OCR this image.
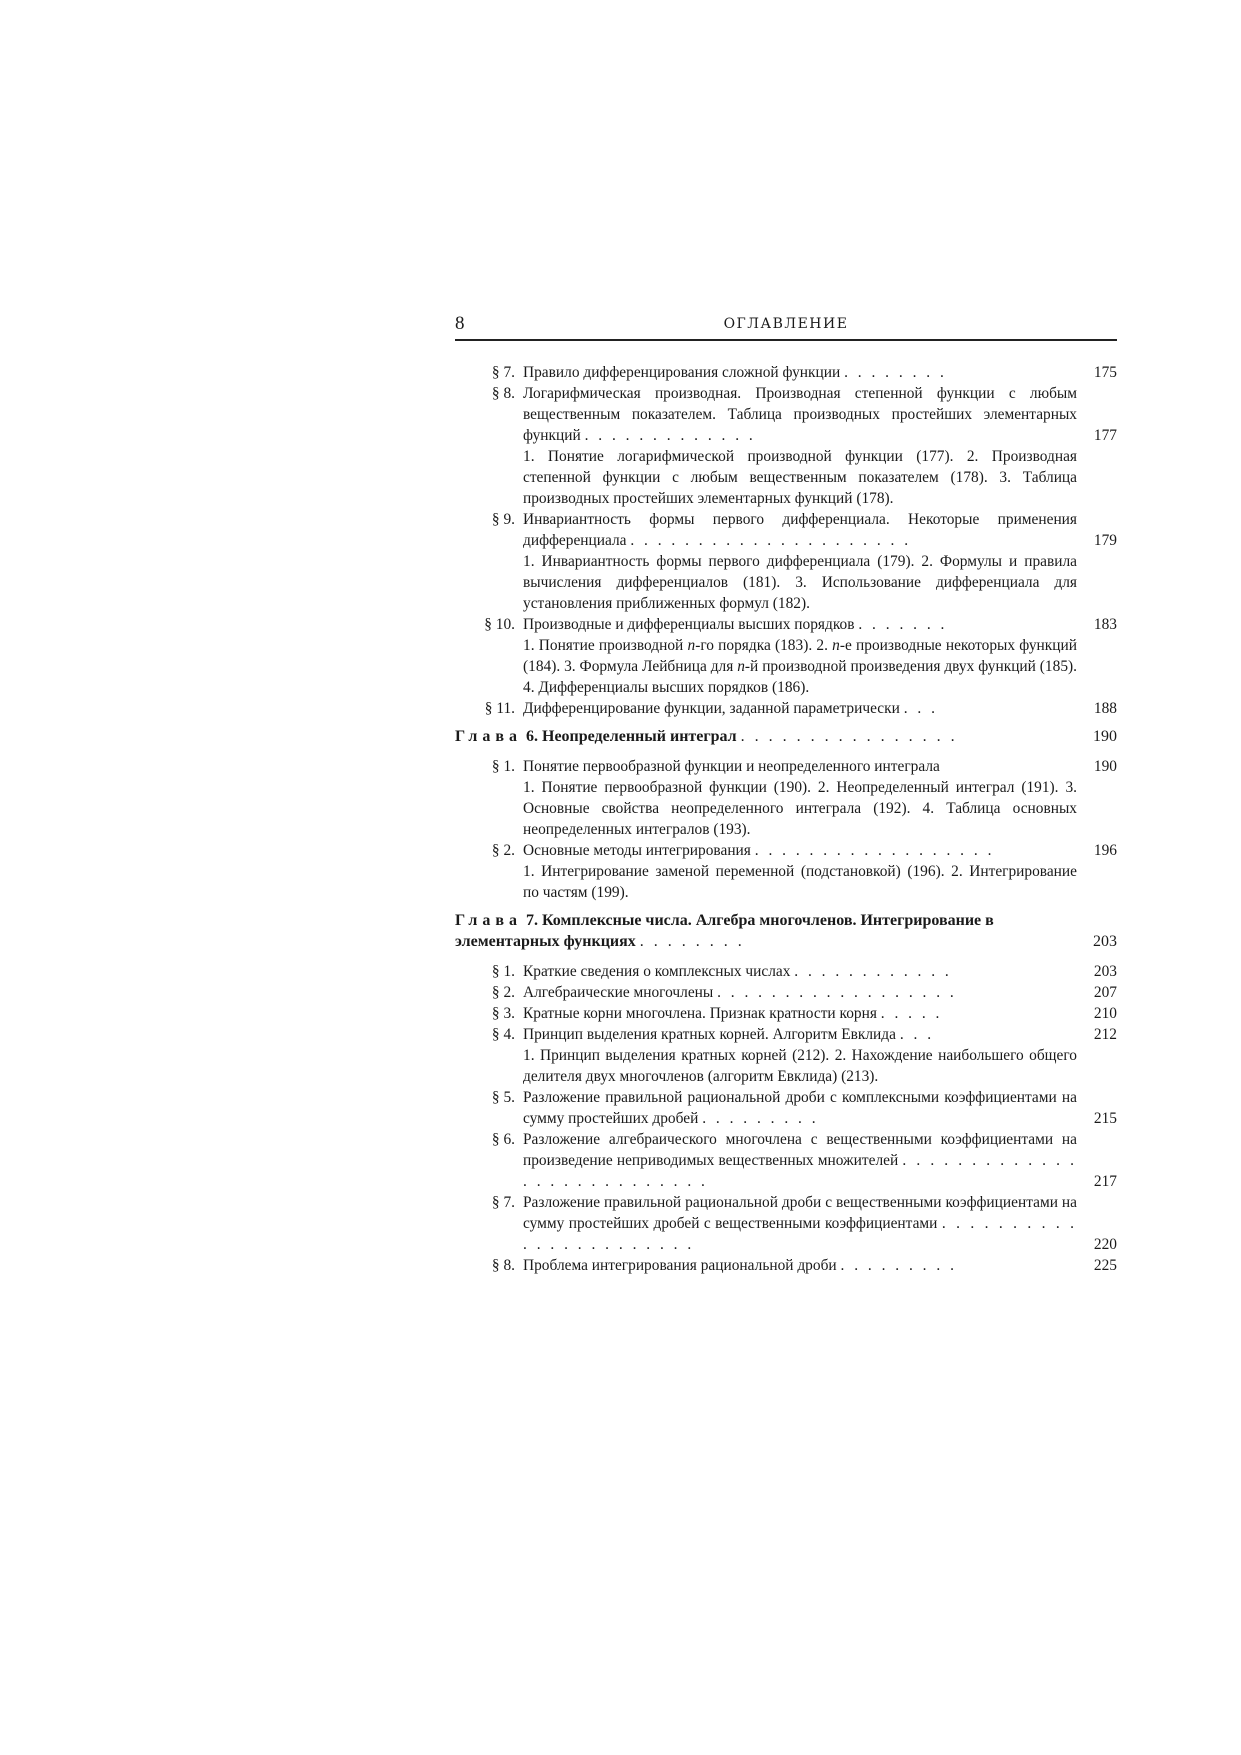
8	ОГЛАВЛЕНИЕ
§ 7. Правило дифференцирования сложной функции . . . . . . . .	175
§ 8. Логарифмическая производная. Производная степенной функции с любым вещественным показателем. Таблица производных простейших элементарных функций . . . . . . . . . . . . .	177
1. Понятие логарифмической производной функции (177). 2. Производная степенной функции с любым вещественным показателем (178). 3. Таблица производных простейших элементарных функций (178).
§ 9. Инвариантность формы первого дифференциала. Некоторые применения дифференциала . . . . . . . . . . . . . . . . . . . . .	179
1. Инвариантность формы первого дифференциала (179). 2. Формулы и правила вычисления дифференциалов (181). 3. Использование дифференциала для установления приближенных формул (182).
§ 10. Производные и дифференциалы высших порядков . . . . . . .	183
1. Понятие производной n-го порядка (183). 2. n-е производные некоторых функций (184). 3. Формула Лейбница для n-й производной произведения двух функций (185). 4. Дифференциалы высших порядков (186).
§ 11. Дифференцирование функции, заданной параметрически . . .	188
Глава 6. Неопределенный интеграл . . . . . . . . . . . . . . . .	190
§ 1. Понятие первообразной функции и неопределенного интеграла	190
1. Понятие первообразной функции (190). 2. Неопределенный интеграл (191). 3. Основные свойства неопределенного интеграла (192). 4. Таблица основных неопределенных интегралов (193).
§ 2. Основные методы интегрирования . . . . . . . . . . . . . . . . . .	196
1. Интегрирование заменой переменной (подстановкой) (196). 2. Интегрирование по частям (199).
Глава 7. Комплексные числа. Алгебра многочленов. Интегрирование в элементарных функциях . . . . . . . .	203
§ 1. Краткие сведения о комплексных числах . . . . . . . . . . . .	203
§ 2. Алгебраические многочлены . . . . . . . . . . . . . . . . . .	207
§ 3. Кратные корни многочлена. Признак кратности корня . . . . .	210
§ 4. Принцип выделения кратных корней. Алгоритм Евклида . . .	212
1. Принцип выделения кратных корней (212). 2. Нахождение наибольшего общего делителя двух многочленов (алгоритм Евклида) (213).
§ 5. Разложение правильной рациональной дроби с комплексными коэффициентами на сумму простейших дробей . . . . . . . . .	215
§ 6. Разложение алгебраического многочлена с вещественными коэффициентами на произведение неприводимых вещественных множителей . . . . . . . . . . . . . . . . . . . . . . . . . . .	217
§ 7. Разложение правильной рациональной дроби с вещественными коэффициентами на сумму простейших дробей с вещественными коэффициентами . . . . . . . . . . . . . . . . . . . . . . .	220
§ 8. Проблема интегрирования рациональной дроби . . . . . . . . .	225
